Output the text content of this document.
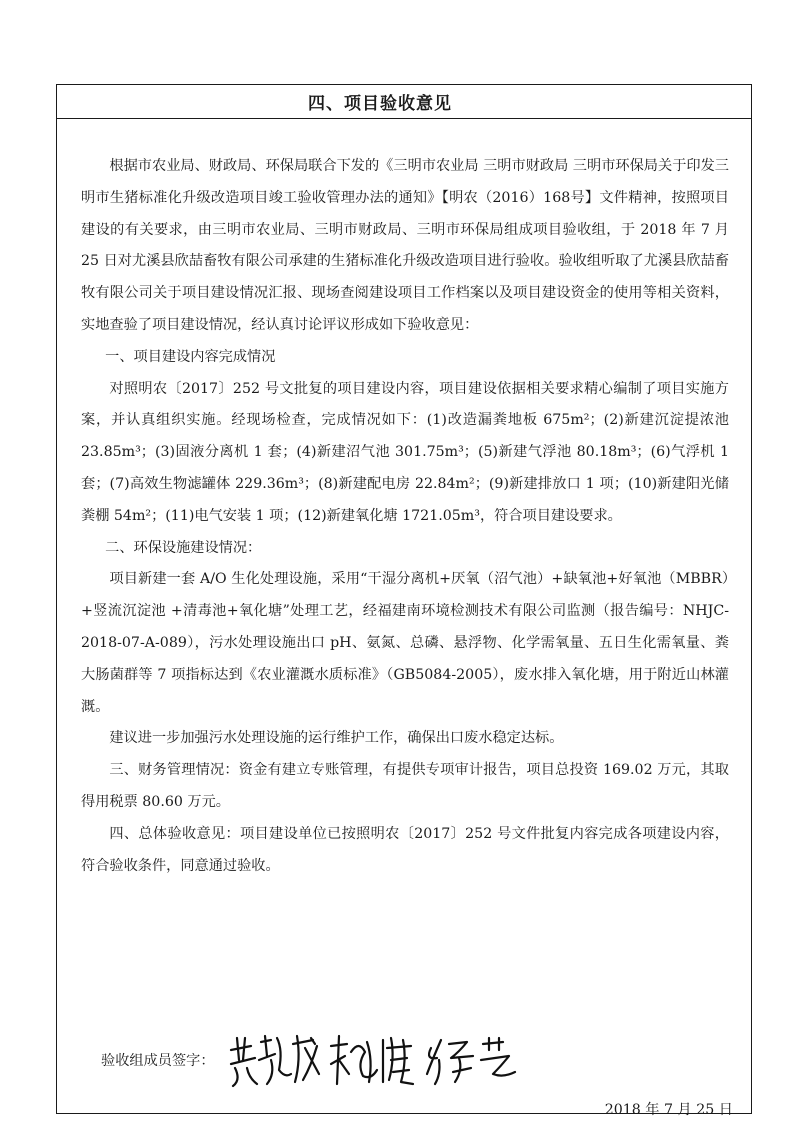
四、项目验收意见

根据市农业局、财政局、环保局联合下发的《三明市农业局 三明市财政局 三明市环保局关于印发三明市生猪标准化升级改造项目竣工验收管理办法的通知》【明农（2016）168号】文件精神，按照项目建设的有关要求，由三明市农业局、三明市财政局、三明市环保局组成项目验收组，于 2018 年 7 月 25 日对尤溪县欣喆畜牧有限公司承建的生猪标准化升级改造项目进行验收。验收组听取了尤溪县欣喆畜牧有限公司关于项目建设情况汇报、现场查阅建设项目工作档案以及项目建设资金的使用等相关资料，实地查验了项目建设情况，经认真讨论评议形成如下验收意见：

一、项目建设内容完成情况

对照明农〔2017〕252 号文批复的项目建设内容，项目建设依据相关要求精心编制了项目实施方案，并认真组织实施。经现场检查，完成情况如下：(1)改造漏粪地板 675m²；(2)新建沉淀提浓池 23.85m³；(3)固液分离机 1 套；(4)新建沼气池 301.75m³；(5)新建气浮池 80.18m³；(6)气浮机 1 套；(7)高效生物滤罐体 229.36m³；(8)新建配电房 22.84m²；(9)新建排放口 1 项；(10)新建阳光储粪棚 54m²；(11)电气安装 1 项；(12)新建氧化塘 1721.05m³，符合项目建设要求。

二、环保设施建设情况：

项目新建一套 A/O 生化处理设施，采用“干湿分离机+厌氧（沼气池）+缺氧池+好氧池（MBBR）+竖流沉淀池 +清毒池+氧化塘”处理工艺，经福建南环境检测技术有限公司监测（报告编号：NHJC-2018-07-A-089），污水处理设施出口 pH、氨氮、总磷、悬浮物、化学需氧量、五日生化需氧量、粪大肠菌群等 7 项指标达到《农业灌溉水质标准》（GB5084-2005），废水排入氧化塘，用于附近山林灌溉。

建议进一步加强污水处理设施的运行维护工作，确保出口废水稳定达标。

三、财务管理情况：资金有建立专账管理，有提供专项审计报告，项目总投资 169.02 万元，其取得用税票 80.60 万元。

四、总体验收意见：项目建设单位已按照明农〔2017〕252 号文件批复内容完成各项建设内容，符合验收条件，同意通过验收。

验收组成员签字：
2018 年 7 月 25 日
